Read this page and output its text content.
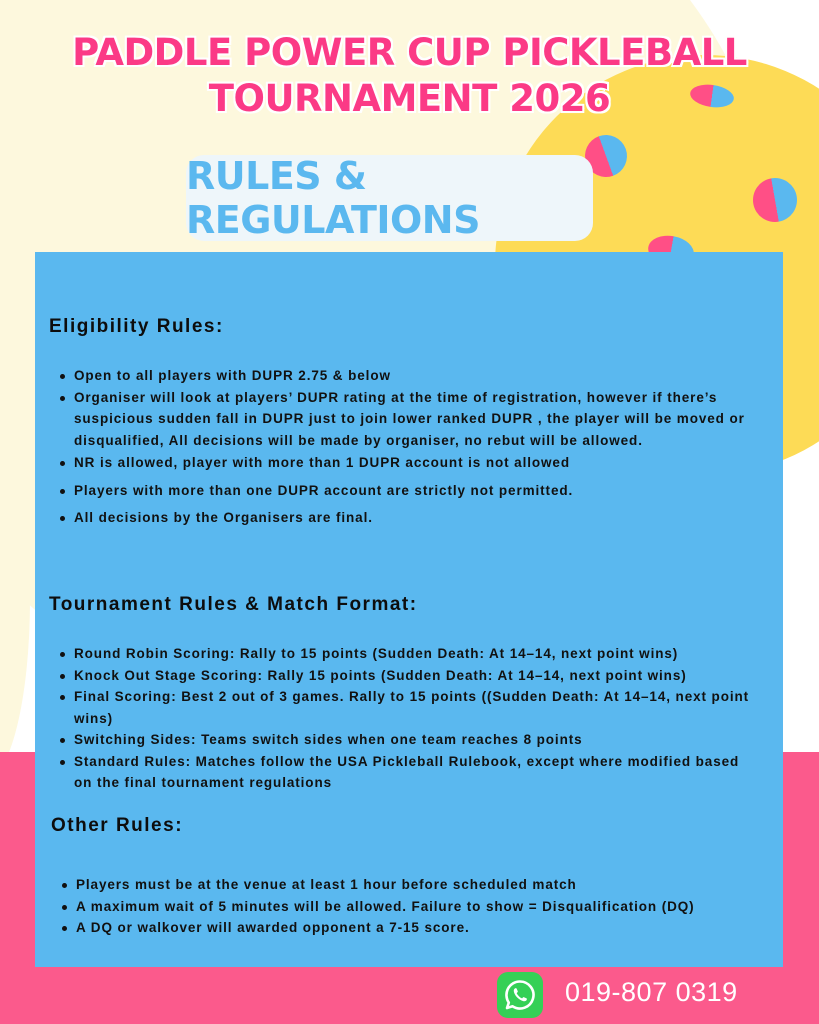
PADDLE POWER CUP PICKLEBALL TOURNAMENT 2026
RULES & REGULATIONS
Eligibility Rules:
Open to all players with DUPR 2.75 & below
Organiser will look at players’ DUPR rating at the time of registration, however if there’s suspicious sudden fall in DUPR just to join lower ranked DUPR , the player will be moved or disqualified, All decisions will be made by organiser, no rebut will be allowed.
NR is allowed, player with more than 1 DUPR account is not allowed
Players with more than one DUPR account are strictly not permitted.
All decisions by the Organisers are final.
Tournament Rules & Match Format:
Round Robin Scoring: Rally to 15 points (Sudden Death: At 14–14, next point wins)
Knock Out Stage Scoring: Rally 15 points (Sudden Death: At 14–14, next point wins)
Final Scoring: Best 2 out of 3 games. Rally to 15 points ((Sudden Death: At 14–14, next point wins)
Switching Sides: Teams switch sides when one team reaches 8 points
Standard Rules: Matches follow the USA Pickleball Rulebook, except where modified based on the final tournament regulations
Other Rules:
Players must be at the venue at least 1 hour before scheduled match
A maximum wait of 5 minutes will be allowed. Failure to show = Disqualification (DQ)
A DQ or walkover will awarded opponent a 7-15 score.
019-807 0319
